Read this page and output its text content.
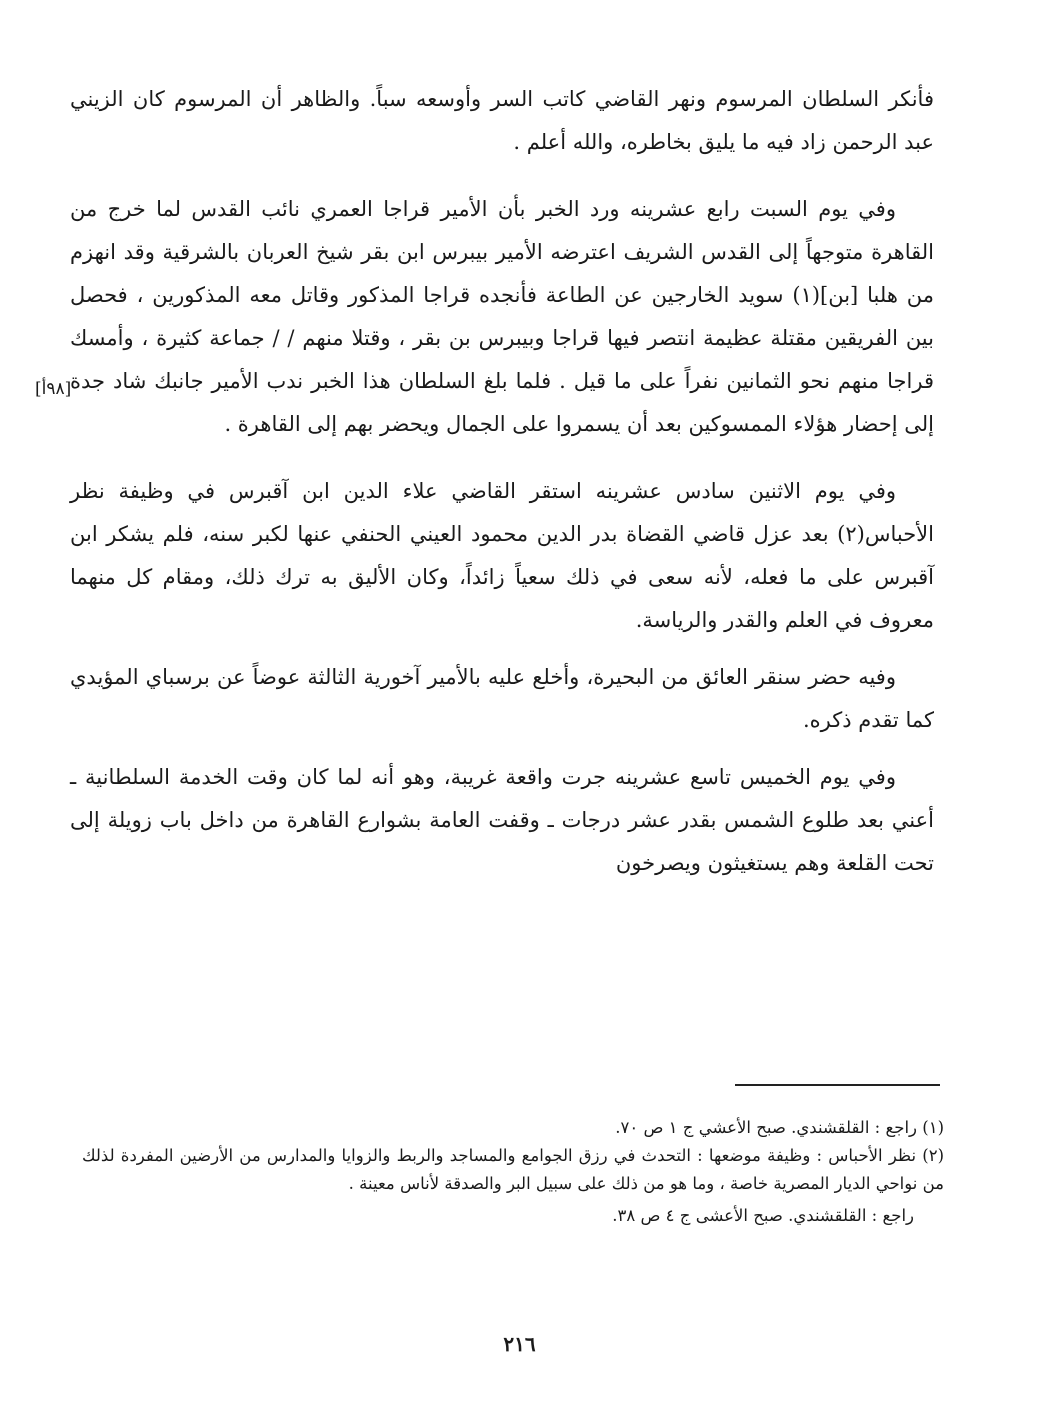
فأنكر السلطان المرسوم ونهر القاضي كاتب السر وأوسعه سباً. والظاهر أن المرسوم كان الزيني عبد الرحمن زاد فيه ما يليق بخاطره، والله أعلم .

وفي يوم السبت رابع عشرينه ورد الخبر بأن الأمير قراجا العمري نائب القدس لما خرج من القاهرة متوجهاً إلى القدس الشريف اعترضه الأمير بيبرس ابن بقر شيخ العربان بالشرقية وقد انهزم من هلبا [بن](١) سويد الخارجين عن الطاعة فأنجده قراجا المذكور وقاتل معه المذكورين ، فحصل بين الفريقين مقتلة عظيمة انتصر فيها قراجا وبيبرس بن بقر ، وقتلا منهم / / جماعة كثيرة ، وأمسك قراجا منهم نحو الثمانين نفراً على ما قيل . فلما بلغ السلطان هذا الخبر ندب الأمير جانبك شاد جدة إلى إحضار هؤلاء الممسوكين بعد أن يسمروا على الجمال ويحضر بهم إلى القاهرة .

وفي يوم الاثنين سادس عشرينه استقر القاضي علاء الدين ابن آقبرس في وظيفة نظر الأحباس(٢) بعد عزل قاضي القضاة بدر الدين محمود العيني الحنفي عنها لكبر سنه، فلم يشكر ابن آقبرس على ما فعله، لأنه سعى في ذلك سعياً زائداً، وكان الأليق به ترك ذلك، ومقام كل منهما معروف في العلم والقدر والرياسة.

وفيه حضر سنقر العائق من البحيرة، وأخلع عليه بالأمير آخورية الثالثة عوضاً عن برسباي المؤيدي كما تقدم ذكره.

وفي يوم الخميس تاسع عشرينه جرت واقعة غريبة، وهو أنه لما كان وقت الخدمة السلطانية ـ أعني بعد طلوع الشمس بقدر عشر درجات ـ وقفت العامة بشوارع القاهرة من داخل باب زويلة إلى تحت القلعة وهم يستغيثون ويصرخون

[٩٨أ]

(١) راجع : القلقشندي. صبح الأعشي ج ١ ص ٧٠.

(٢) نظر الأحباس : وظيفة موضعها : التحدث في رزق الجوامع والمساجد والربط والزوايا والمدارس من الأرضين المفردة لذلك من نواحي الديار المصرية خاصة ، وما هو من ذلك على سبيل البر والصدقة لأناس معينة .

راجع : القلقشندي. صبح الأعشى ج ٤ ص ٣٨.

٢١٦
